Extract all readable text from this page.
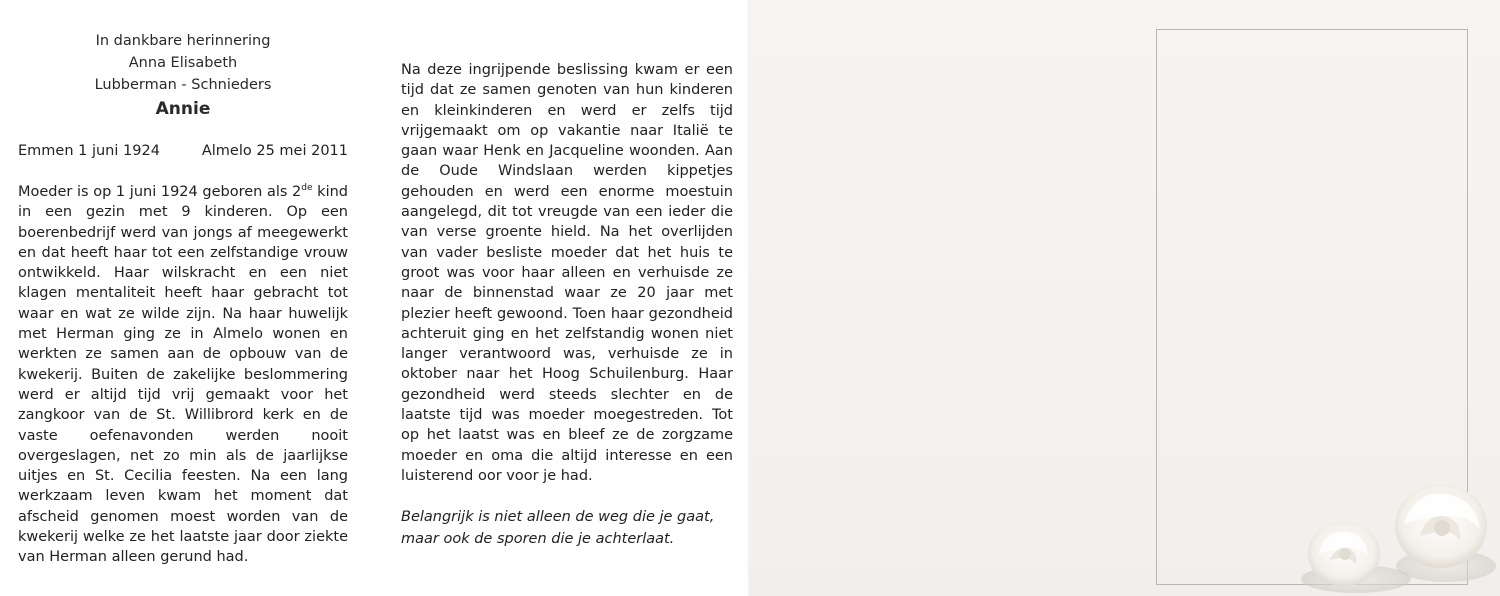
In dankbare herinnering
Anna Elisabeth
Lubberman - Schnieders
Annie
Emmen 1 juni 1924	Almelo 25 mei 2011

Moeder is op 1 juni 1924 geboren als 2de kind in een gezin met 9 kinderen. Op een boerenbedrijf werd van jongs af meegewerkt en dat heeft haar tot een zelfstandige vrouw ontwikkeld. Haar wilskracht en een niet klagen mentaliteit heeft haar gebracht tot waar en wat ze wilde zijn. Na haar huwelijk met Herman ging ze in Almelo wonen en werkten ze samen aan de opbouw van de kwekerij. Buiten de zakelijke beslommering werd er altijd tijd vrij gemaakt voor het zangkoor van de St. Willibrord kerk en de vaste oefenavonden werden nooit overgeslagen, net zo min als de jaarlijkse uitjes en St. Cecilia feesten. Na een lang werkzaam leven kwam het moment dat afscheid genomen moest worden van de kwekerij welke ze het laatste jaar door ziekte van Herman alleen gerund had.

Na deze ingrijpende beslissing kwam er een tijd dat ze samen genoten van hun kinderen en kleinkinderen en werd er zelfs tijd vrijgemaakt om op vakantie naar Italië te gaan waar Henk en Jacqueline woonden. Aan de Oude Windslaan werden kippetjes gehouden en werd een enorme moestuin aangelegd, dit tot vreugde van een ieder die van verse groente hield. Na het overlijden van vader besliste moeder dat het huis te groot was voor haar alleen en verhuisde ze naar de binnenstad waar ze 20 jaar met plezier heeft gewoond. Toen haar gezondheid achteruit ging en het zelfstandig wonen niet langer verantwoord was, verhuisde ze in oktober naar het Hoog Schuilenburg. Haar gezondheid werd steeds slechter en de laatste tijd was moeder moegestreden. Tot op het laatst was en bleef ze de zorgzame moeder en oma die altijd interesse en een luisterend oor voor je had.

Belangrijk is niet alleen de weg die je gaat,
maar ook de sporen die je achterlaat.
